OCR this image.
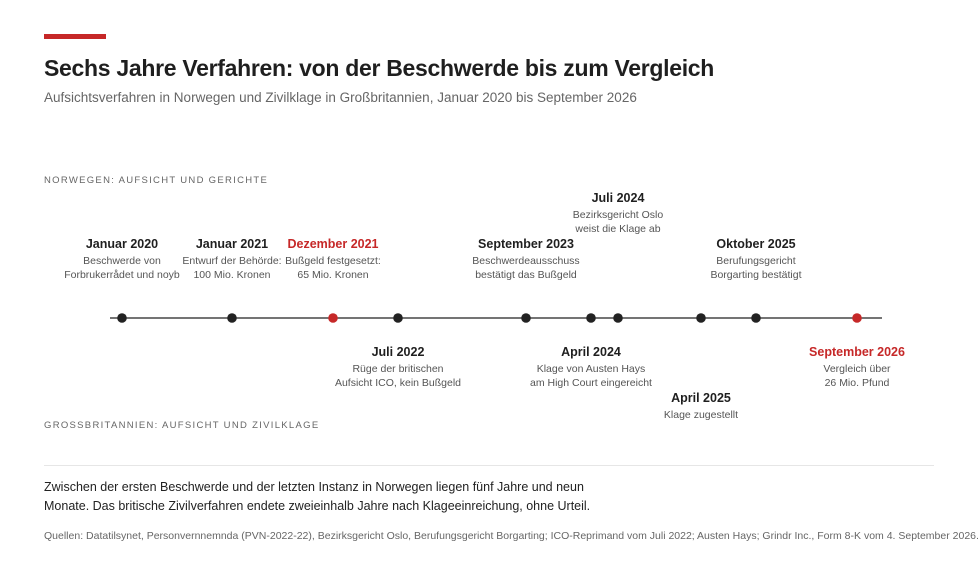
Sechs Jahre Verfahren: von der Beschwerde bis zum Vergleich
Aufsichtsverfahren in Norwegen und Zivilklage in Großbritannien, Januar 2020 bis September 2026
NORWEGEN: AUFSICHT UND GERICHTE
GROSSBRITANNIEN: AUFSICHT UND ZIVILKLAGE
Januar 2020
Beschwerde von
Forbrukerrådet und noyb
Januar 2021
Entwurf der Behörde:
100 Mio. Kronen
Dezember 2021
Bußgeld festgesetzt:
65 Mio. Kronen
Juli 2022
Rüge der britischen
Aufsicht ICO, kein Bußgeld
September 2023
Beschwerdeausschuss
bestätigt das Bußgeld
April 2024
Klage von Austen Hays
am High Court eingereicht
Juli 2024
Bezirksgericht Oslo
weist die Klage ab
April 2025
Klage zugestellt
Oktober 2025
Berufungsgericht
Borgarting bestätigt
September 2026
Vergleich über
26 Mio. Pfund
Zwischen der ersten Beschwerde und der letzten Instanz in Norwegen liegen fünf Jahre und neun Monate. Das britische Zivilverfahren endete zweieinhalb Jahre nach Klageeinreichung, ohne Urteil.
Quellen: Datatilsynet, Personvernnemnda (PVN-2022-22), Bezirksgericht Oslo, Berufungsgericht Borgarting; ICO-Reprimand vom Juli 2022; Austen Hays; Grindr Inc., Form 8-K vom 4. September 2026.
